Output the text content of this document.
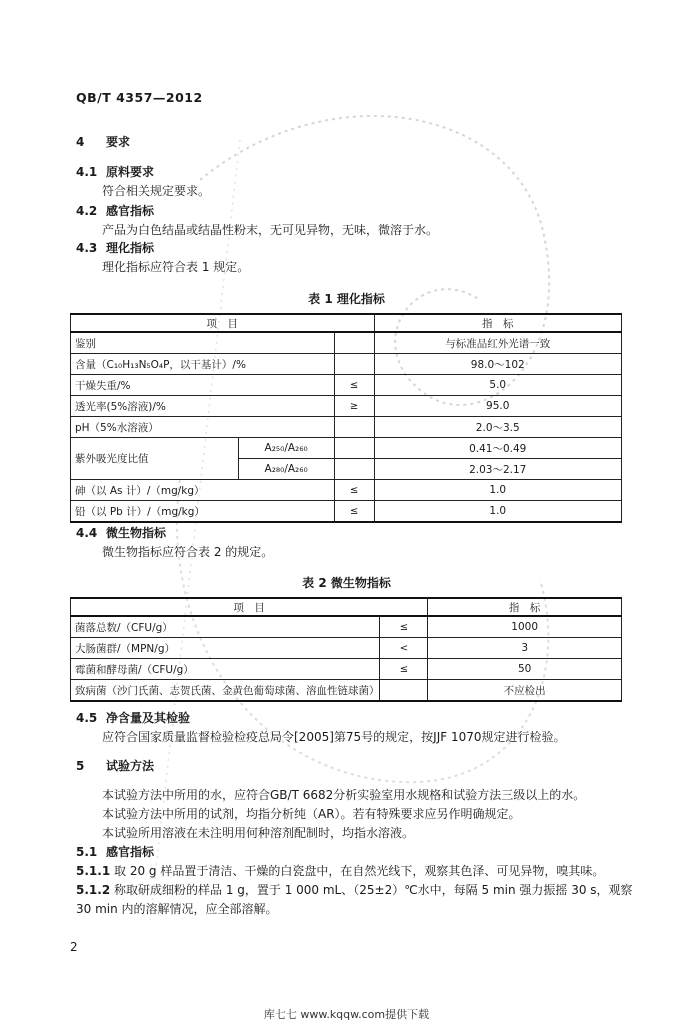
QB/T 4357—2012
4 要求
4.1 原料要求
符合相关规定要求。
4.2 感官指标
产品为白色结晶或结晶性粉末，无可见异物，无味，微溶于水。
4.3 理化指标
理化指标应符合表 1 规定。
表 1 理化指标
项　目			指　标
鉴别			与标准品红外光谱一致
含量（C₁₀H₁₃N₅O₄P，以干基计）/%			98.0～102
干燥失重/%		≤	5.0
透光率(5%溶液)/%		≥	95.0
pH（5%水溶液）			2.0～3.5
紫外吸光度比值	A₂₅₀/A₂₆₀		0.41～0.49
	A₂₈₀/A₂₆₀		2.03～2.17
砷（以 As 计）/（mg/kg）		≤	1.0
铅（以 Pb 计）/（mg/kg）		≤	1.0
4.4 微生物指标
微生物指标应符合表 2 的规定。
表 2 微生物指标
项　目		指　标
菌落总数/（CFU/g）	≤	1000
大肠菌群/（MPN/g）	<	3
霉菌和酵母菌/（CFU/g）	≤	50
致病菌（沙门氏菌、志贺氏菌、金黄色葡萄球菌、溶血性链球菌）		不应检出
4.5 净含量及其检验
应符合国家质量监督检验检疫总局令[2005]第75号的规定，按JJF 1070规定进行检验。
5 试验方法
本试验方法中所用的水，应符合GB/T 6682分析实验室用水规格和试验方法三级以上的水。
本试验方法中所用的试剂，均指分析纯（AR）。若有特殊要求应另作明确规定。
本试验所用溶液在未注明用何种溶剂配制时，均指水溶液。
5.1 感官指标
5.1.1 取 20 g 样品置于清洁、干燥的白瓷盘中，在自然光线下，观察其色泽、可见异物，嗅其味。
5.1.2 称取研成细粉的样品 1 g，置于 1 000 mL、（25±2）℃水中，每隔 5 min 强力振摇 30 s，观察
30 min 内的溶解情况，应全部溶解。
2
库七七 www.kqqw.com提供下载
